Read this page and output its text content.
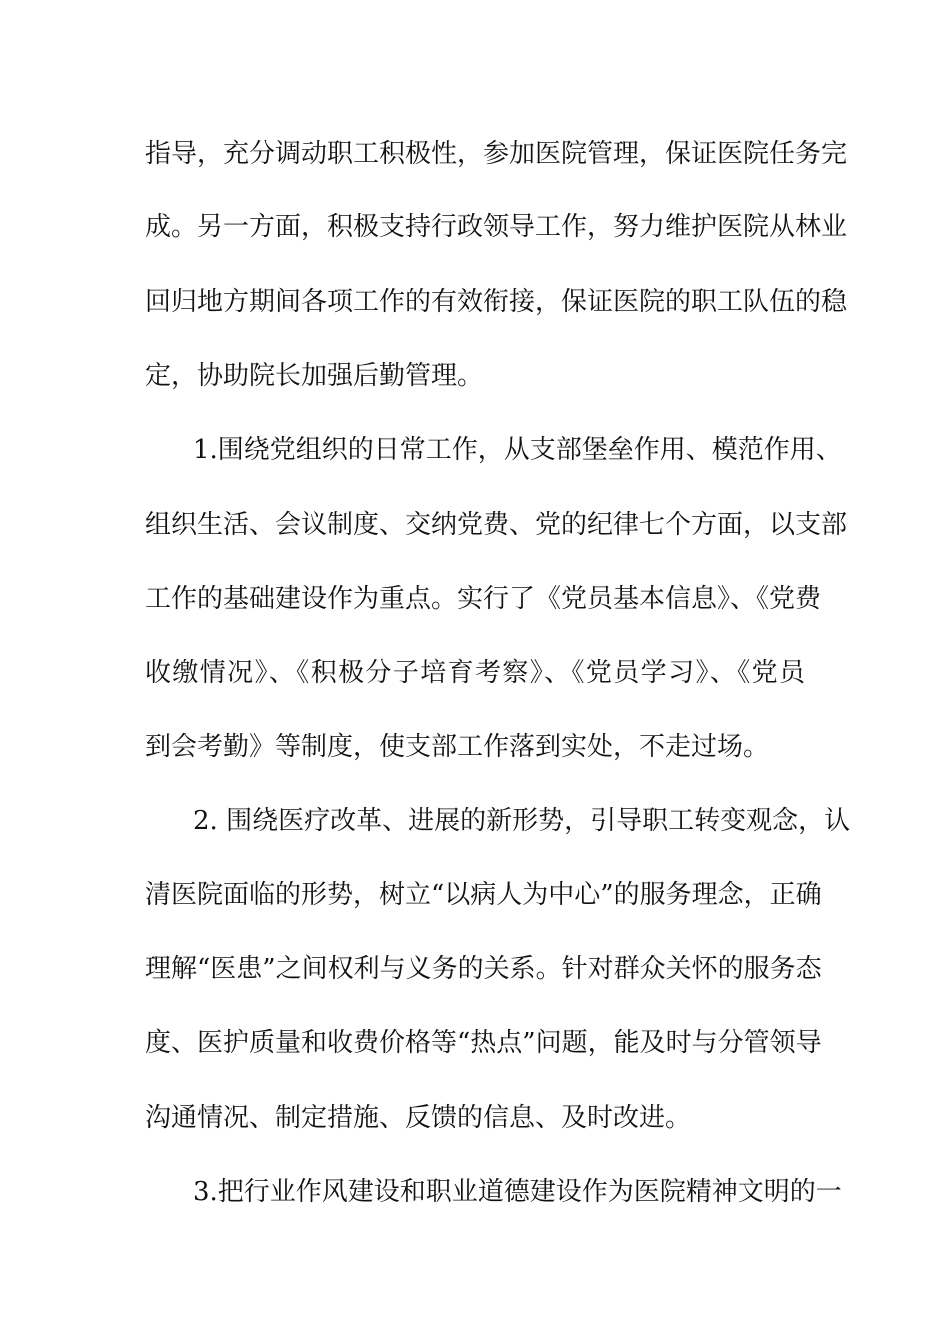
指导，充分调动职工积极性，参加医院管理，保证医院任务完
成。另一方面，积极支持行政领导工作，努力维护医院从林业
回归地方期间各项工作的有效衔接，保证医院的职工队伍的稳
定，协助院长加强后勤管理。
1.围绕党组织的日常工作，从支部堡垒作用、模范作用、
组织生活、会议制度、交纳党费、党的纪律七个方面，以支部
工作的基础建设作为重点。实行了《党员基本信息》、《党费
收缴情况》、《积极分子培育考察》、《党员学习》、《党员
到会考勤》等制度，使支部工作落到实处，不走过场。
2. 围绕医疗改革、进展的新形势，引导职工转变观念，认
清医院面临的形势，树立“以病人为中心”的服务理念，正确
理解“医患”之间权利与义务的关系。针对群众关怀的服务态
度、医护质量和收费价格等“热点”问题，能及时与分管领导
沟通情况、制定措施、反馈的信息、及时改进。
3.把行业作风建设和职业道德建设作为医院精神文明的一
